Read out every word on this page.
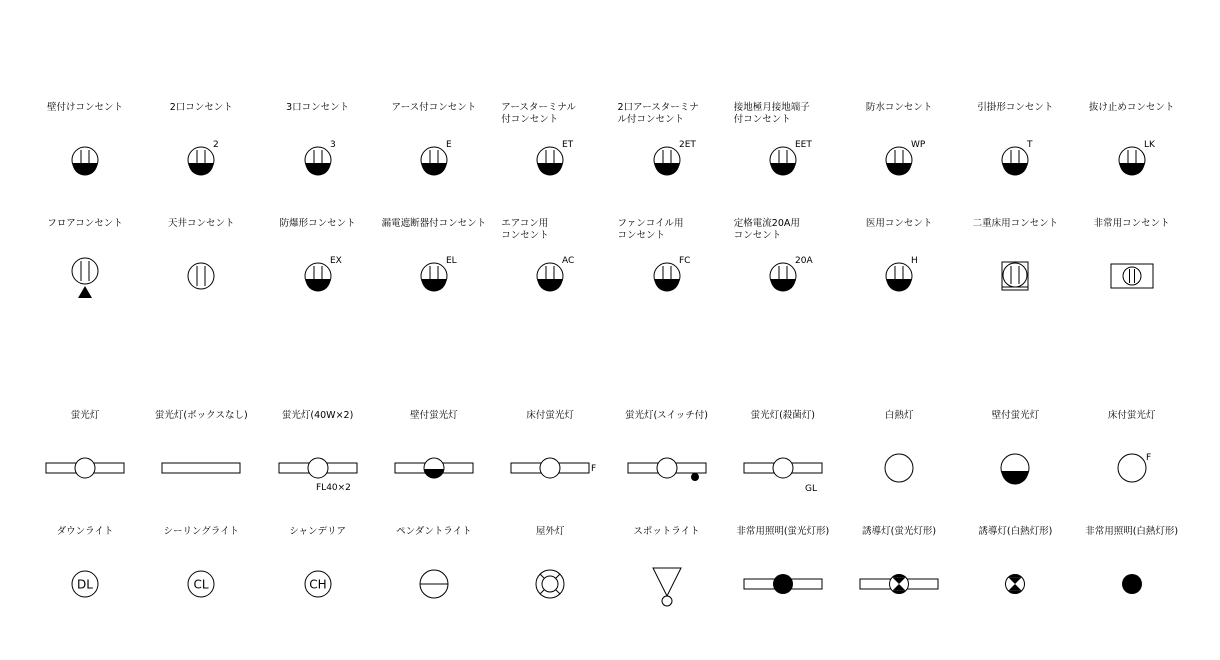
壁付けコンセント	2口コンセント
2
3口コンセント
3
アース付コンセント
E
アースターミナル
付コンセント
ET
2口アースターミナ
ル付コンセント
2ET
接地極月接地端子
付コンセント
EET
防水コンセント
WP
引掛形コンセント
T
抜け止めコンセント
LK
フロアコンセント	天井コンセント	防爆形コンセント
EX
漏電遮断器付コンセント
EL
エアコン用
コンセント
AC
ファンコイル用
コンセント
FC
定格電流20A用
コンセント
20A
医用コンセント
H
二重床用コンセント	非常用コンセント
蛍光灯	蛍光灯(ボックスなし)	蛍光灯(40W×2)
FL40×2
壁付蛍光灯	床付蛍光灯
F
蛍光灯(スイッチ付)	蛍光灯(殺菌灯)
GL
白熱灯	壁付蛍光灯	床付蛍光灯
F
ダウンライト
DL
シーリングライト
CL
シャンデリア
CH
ペンダントライト	屋外灯	スポットライト	非常用照明(蛍光灯形)	誘導灯(蛍光灯形)	誘導灯(白熱灯形)	非常用照明(白熱灯形)
